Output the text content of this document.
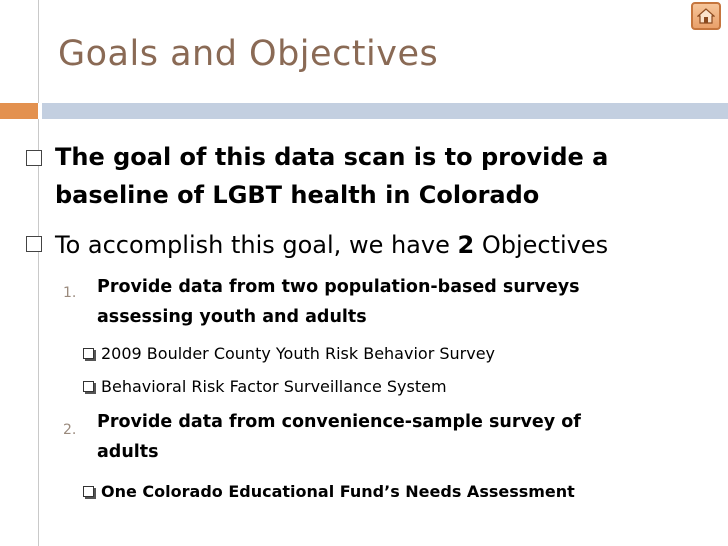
Goals and Objectives
The goal of this data scan is to provide a
baseline of LGBT health in Colorado
To accomplish this goal, we have 2 Objectives
1. Provide data from two population-based surveys
assessing youth and adults
2009 Boulder County Youth Risk Behavior Survey
Behavioral Risk Factor Surveillance System
2. Provide data from convenience-sample survey of
adults
One Colorado Educational Fund’s Needs Assessment
